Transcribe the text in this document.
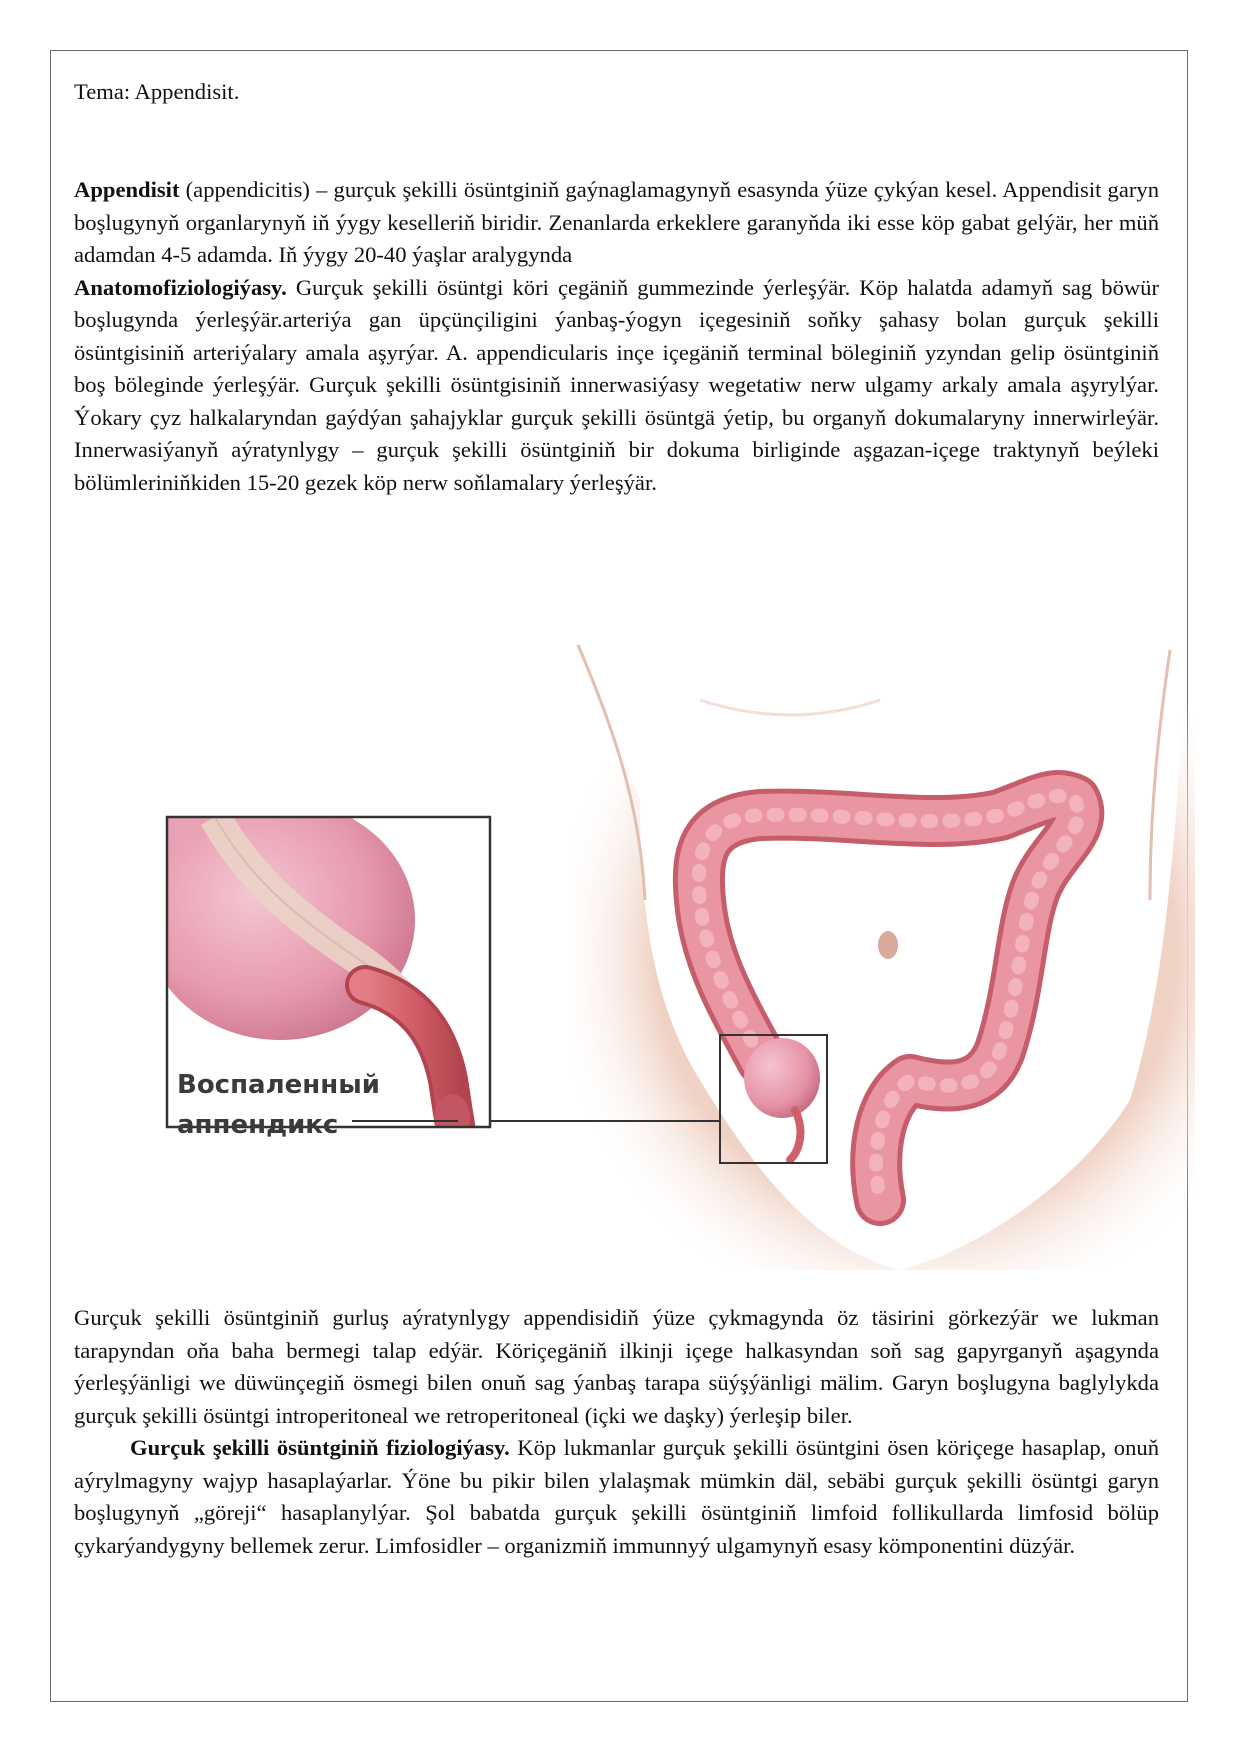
Tema: Appendisit.

Appendisit (appendicitis) – gurçuk şekilli ösüntginiň gaýnaglamagynyň esasynda ýüze çykýan kesel. Appendisit garyn boşlugynyň organlarynyň iň ýygy kesellerіň biridir. Zenanlarda erkeklere garanyňda iki esse köp gabat gelýär, her müň adamdan 4-5 adamda. Iň ýygy 20-40 ýaşlar aralygynda

Anatomofiziologiýasy. Gurçuk şekilli ösüntgi köri çegäniň gummezinde ýerleşýär. Köp halatda adamyň sag böwür boşlugynda ýerleşýär.arteriýa gan üpçünçiligini ýanbaş-ýogyn içegesiniň soňky şahasy bolan gurçuk şekilli ösüntgisiniň arteriýalary amala aşyrýar. A. appendicularis inçe içegäniň terminal böleginiň yzyndan gelip ösüntginiň boş böleginde ýerleşýär. Gurçuk şekilli ösüntgisiniň innerwasiýasy wegetatiw nerw ulgamy arkaly amala aşyrylýar. Ýokary çyz halkalaryndan gaýdýan şahajyklar gurçuk şekilli ösüntgä ýetip, bu organyň dokumalaryny innerwirleýär. Innerwasiýanyň aýratynlygy – gurçuk şekilli ösüntginiň bir dokuma birliginde aşgazan-içege traktynyň beýleki bölümleriniňkiden 15-20 gezek köp nerw soňlamalary ýerleşýär.

Воспаленный
аппендикс

Gurçuk şekilli ösüntginiň gurluş aýratynlygy appendisidiň ýüze çykmagynda öz täsirini görkezýär we lukman tarapyndan oňa baha bermegi talap edýär. Köriçegäniň ilkinji içege halkasyndan soň sag gapyrganyň aşagynda ýerleşýänligi we düwünçegiň ösmegi bilen onuň sag ýanbaş tarapa süýşýänligi mälim. Garyn boşlugyna baglylykda gurçuk şekilli ösüntgi introperitoneal we retroperitoneal (içki we daşky) ýerleşip biler.

Gurçuk şekilli ösüntginiň fiziologiýasy. Köp lukmanlar gurçuk şekilli ösüntgini ösen köriçege hasaplap, onuň aýrylmagyny wajyp hasaplaýarlar. Ýöne bu pikir bilen ylalaşmak mümkin däl, sebäbi gurçuk şekilli ösüntgi garyn boşlugynyň „göreji“ hasaplanylýar. Şol babatda gurçuk şekilli ösüntginiň limfoid follikullarda limfosid bölüp çykarýandygyny bellemek zerur. Limfosidler – organizmiň immunnyý ulgamynyň esasy kömponentini düzýär.
